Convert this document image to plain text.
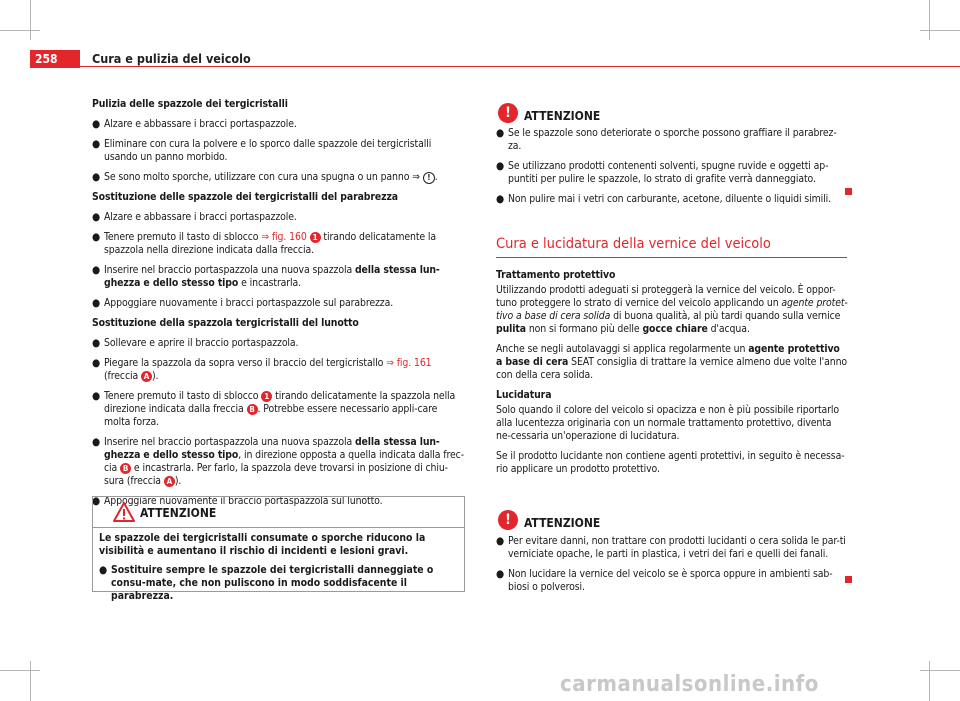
258	Cura e pulizia del veicolo

Pulizia delle spazzole dei tergicristalli

● Alzare e abbassare i bracci portaspazzole.

● Eliminare con cura la polvere e lo sporco dalle spazzole dei tergicristalli usando un panno morbido.

● Se sono molto sporche, utilizzare con cura una spugna o un panno ⇒ ! .

Sostituzione delle spazzole dei tergicristalli del parabrezza

● Alzare e abbassare i bracci portaspazzole.

● Tenere premuto il tasto di sblocco ⇒ fig. 160 1 tirando delicatamente la spazzola nella direzione indicata dalla freccia.

● Inserire nel braccio portaspazzola una nuova spazzola della stessa lun-ghezza e dello stesso tipo e incastrarla.

● Appoggiare nuovamente i bracci portaspazzole sul parabrezza.

Sostituzione della spazzola tergicristalli del lunotto

● Sollevare e aprire il braccio portaspazzola.

● Piegare la spazzola da sopra verso il braccio del tergicristallo ⇒ fig. 161 (freccia A ).

● Tenere premuto il tasto di sblocco 1 tirando delicatamente la spazzola nella direzione indicata dalla freccia B . Potrebbe essere necessario appli-care molta forza.

● Inserire nel braccio portaspazzola una nuova spazzola della stessa lun-ghezza e dello stesso tipo, in direzione opposta a quella indicata dalla frec-cia B e incastrarla. Per farlo, la spazzola deve trovarsi in posizione di chiu-sura (freccia A ).

● Appoggiare nuovamente il braccio portaspazzola sul lunotto.

ATTENZIONE

Le spazzole dei tergicristalli consumate o sporche riducono la visibilità e aumentano il rischio di incidenti e lesioni gravi.

● Sostituire sempre le spazzole dei tergicristalli danneggiate o consu-mate, che non puliscono in modo soddisfacente il parabrezza.

!	ATTENZIONE

● Se le spazzole sono deteriorate o sporche possono graffiare il parabrez-za.

● Se utilizzano prodotti contenenti solventi, spugne ruvide e oggetti ap-puntiti per pulire le spazzole, lo strato di grafite verrà danneggiato.

● Non pulire mai i vetri con carburante, acetone, diluente o liquidi simili.

Cura e lucidatura della vernice del veicolo

Trattamento protettivo

Utilizzando prodotti adeguati si proteggerà la vernice del veicolo. È oppor-tuno proteggere lo strato di vernice del veicolo applicando un agente protet-tivo a base di cera solida di buona qualità, al più tardi quando sulla vernice pulita non si formano più delle gocce chiare d'acqua.

Anche se negli autolavaggi si applica regolarmente un agente protettivo a base di cera SEAT consiglia di trattare la vernice almeno due volte l'anno con della cera solida.

Lucidatura

Solo quando il colore del veicolo si opacizza e non è più possibile riportarlo alla lucentezza originaria con un normale trattamento protettivo, diventa ne-cessaria un'operazione di lucidatura.

Se il prodotto lucidante non contiene agenti protettivi, in seguito è necessa-rio applicare un prodotto protettivo.

!	ATTENZIONE

● Per evitare danni, non trattare con prodotti lucidanti o cera solida le par-ti verniciate opache, le parti in plastica, i vetri dei fari e quelli dei fanali.

● Non lucidare la vernice del veicolo se è sporca oppure in ambienti sab-biosi o polverosi.

carmanualsonline.info
